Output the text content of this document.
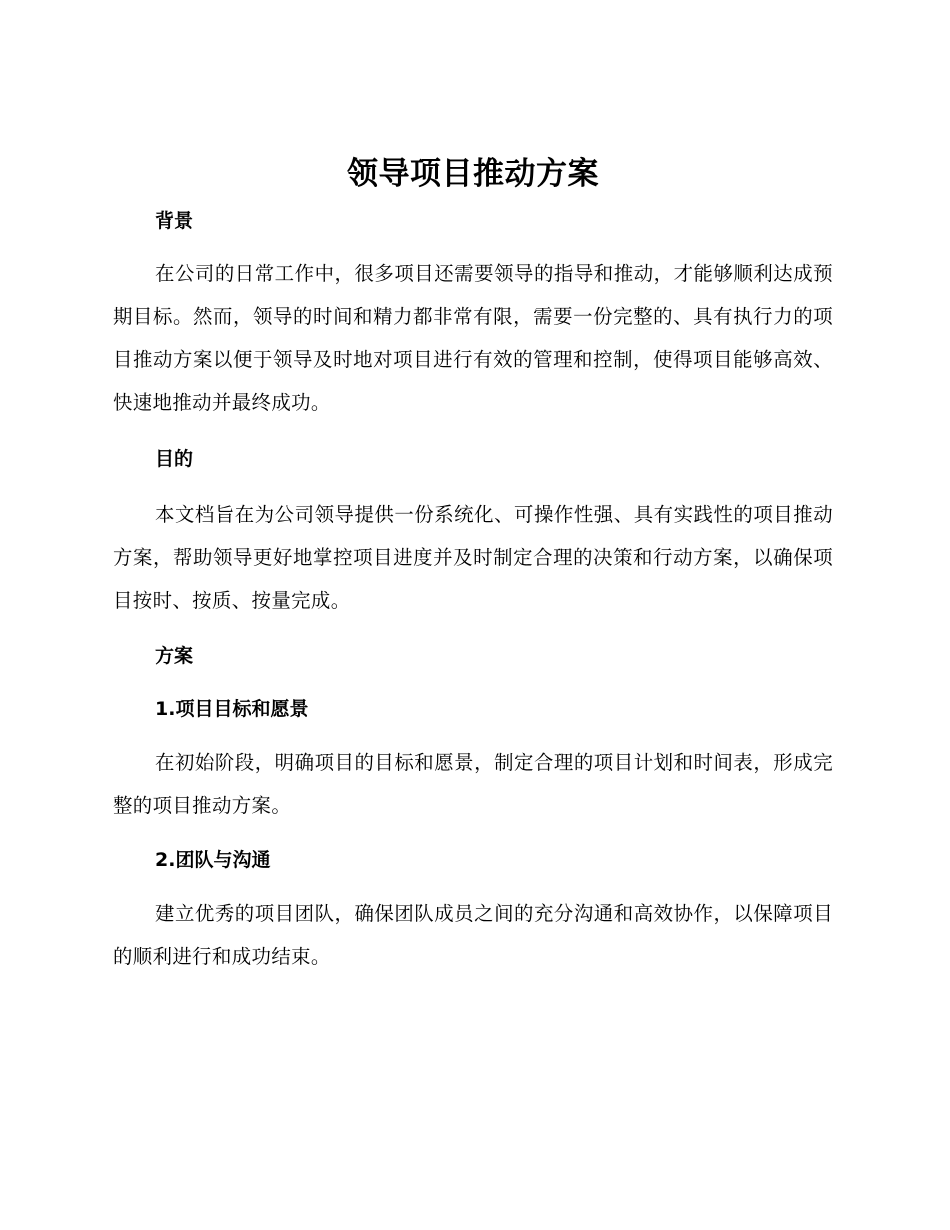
领导项目推动方案
背景

在公司的日常工作中，很多项目还需要领导的指导和推动，才能够顺利达成预期目标。然而，领导的时间和精力都非常有限，需要一份完整的、具有执行力的项目推动方案以便于领导及时地对项目进行有效的管理和控制，使得项目能够高效、快速地推动并最终成功。

目的

本文档旨在为公司领导提供一份系统化、可操作性强、具有实践性的项目推动方案，帮助领导更好地掌控项目进度并及时制定合理的决策和行动方案，以确保项目按时、按质、按量完成。

方案
1.项目目标和愿景

在初始阶段，明确项目的目标和愿景，制定合理的项目计划和时间表，形成完整的项目推动方案。

2.团队与沟通

建立优秀的项目团队，确保团队成员之间的充分沟通和高效协作，以保障项目的顺利进行和成功结束。
